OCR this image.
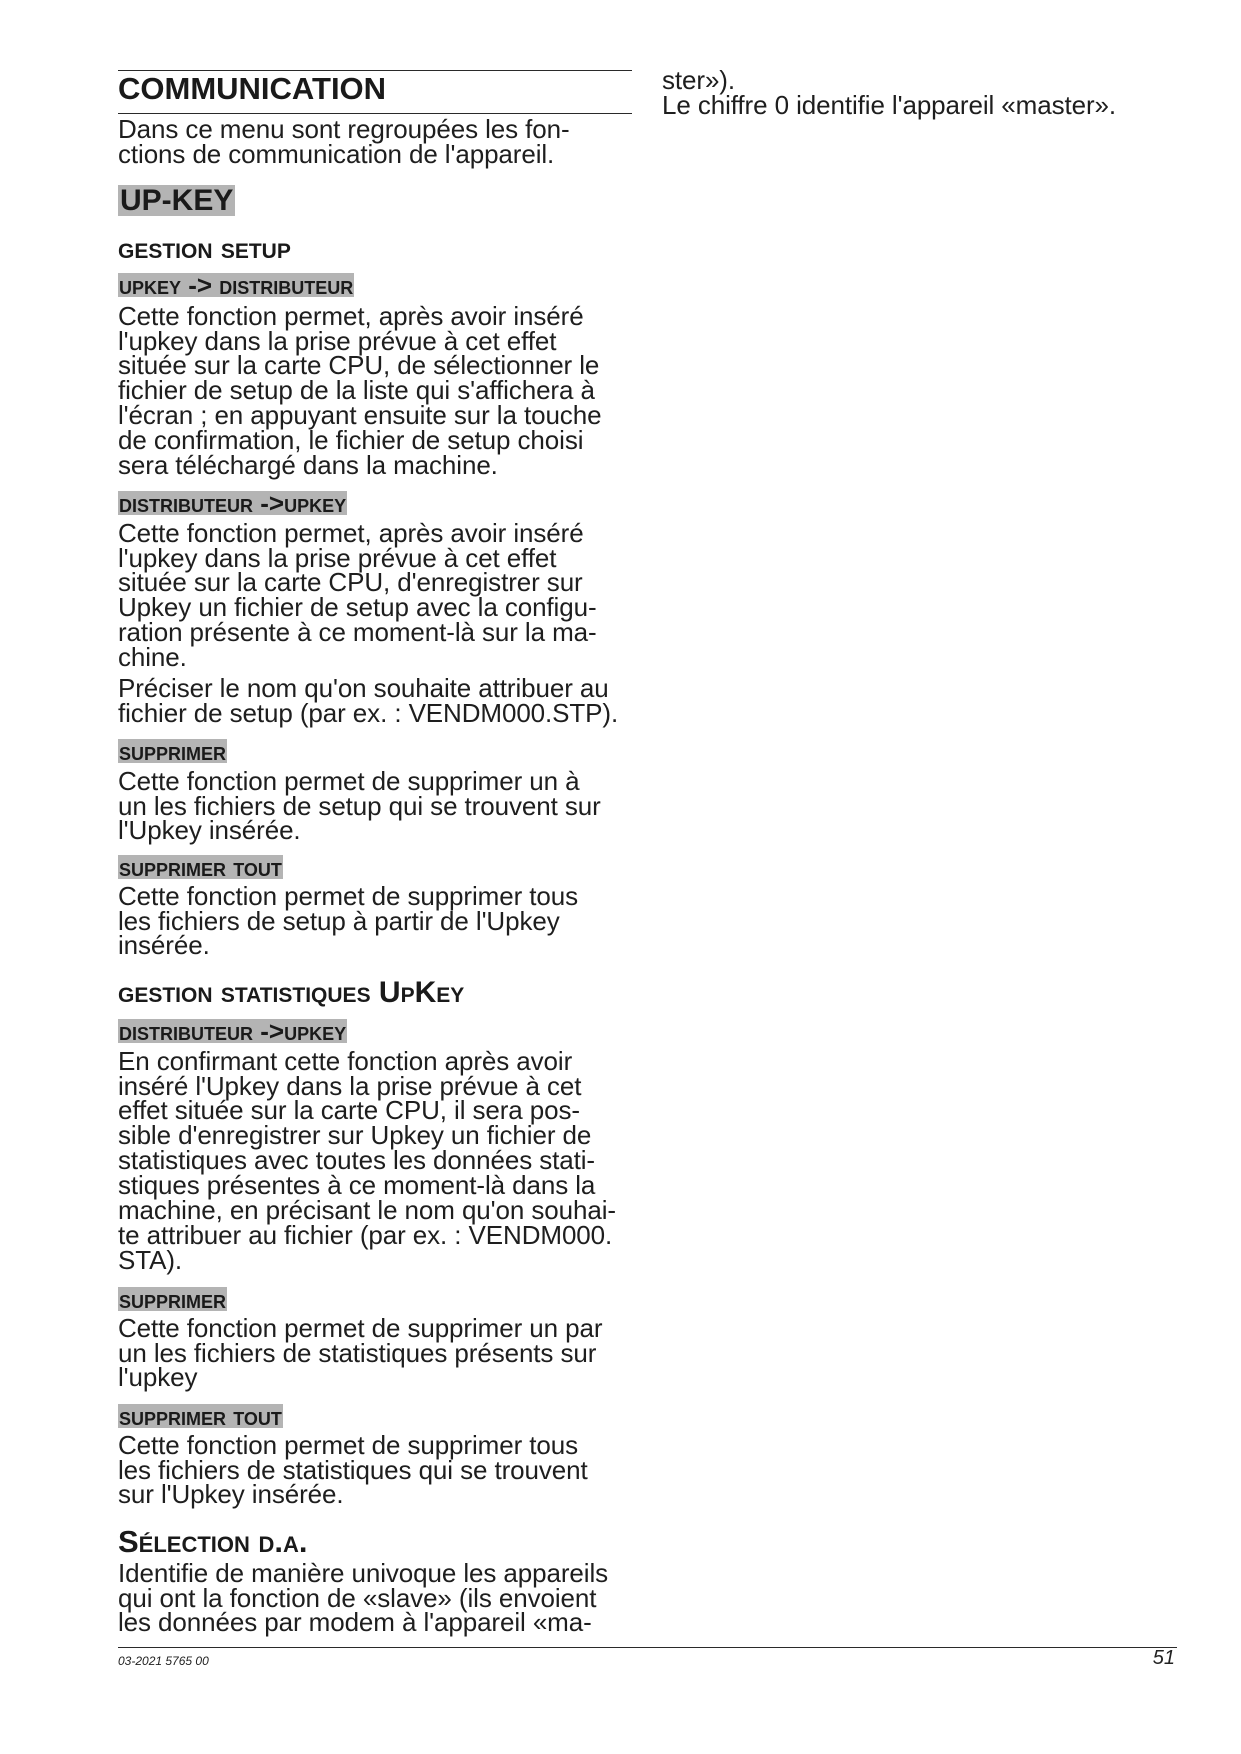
COMMUNICATION
Dans ce menu sont regroupées les fon-
ctions de communication de l'appareil.
UP-KEY
gestion setup
upkey -> distributeur
Cette fonction permet, après avoir inséré
l'upkey dans la prise prévue à cet effet
située sur la carte CPU, de sélectionner le
fichier de setup de la liste qui s'affichera à
l'écran ; en appuyant ensuite sur la touche
de confirmation, le fichier de setup choisi
sera téléchargé dans la machine.
distributeur ->upkey
Cette fonction permet, après avoir inséré
l'upkey dans la prise prévue à cet effet
située sur la carte CPU, d'enregistrer sur
Upkey un fichier de setup avec la configu-
ration présente à ce moment-là sur la ma-
chine.
Préciser le nom qu'on souhaite attribuer au
fichier de setup (par ex. : VENDM000.STP).
supprimer
Cette fonction permet de supprimer un à
un les fichiers de setup qui se trouvent sur
l'Upkey insérée.
supprimer tout
Cette fonction permet de supprimer tous
les fichiers de setup à partir de l'Upkey
insérée.
gestion statistiques UpKey
distributeur ->upkey
En confirmant cette fonction après avoir
inséré l'Upkey dans la prise prévue à cet
effet située sur la carte CPU, il sera pos-
sible d'enregistrer sur Upkey un fichier de
statistiques avec toutes les données stati-
stiques présentes à ce moment-là dans la
machine, en précisant le nom qu'on souhai-
te attribuer au fichier (par ex. : VENDM000.
STA).
supprimer
Cette fonction permet de supprimer un par
un les fichiers de statistiques présents sur
l'upkey
supprimer tout
Cette fonction permet de supprimer tous
les fichiers de statistiques qui se trouvent
sur l'Upkey insérée.
Sélection d.a.
Identifie de manière univoque les appareils
qui ont la fonction de «slave» (ils envoient
les données par modem à l'appareil «ma-
ster»).
Le chiffre 0 identifie l'appareil «master».
03-2021 5765 00	51
